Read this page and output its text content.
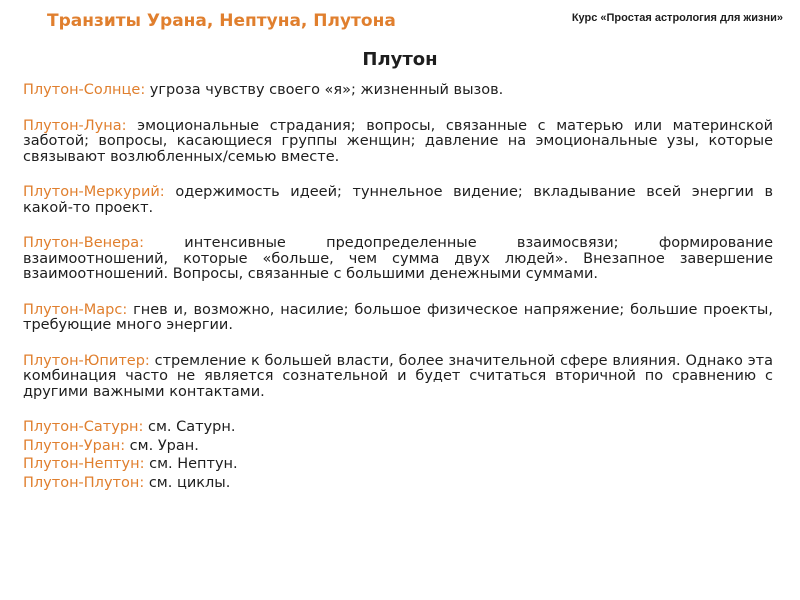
Транзиты Урана, Нептуна, Плутона	Курс «Простая астрология для жизни»
Плутон

Плутон-Солнце: угроза чувству своего «я»; жизненный вызов.

Плутон-Луна: эмоциональные страдания; вопросы, связанные с матерью или материнской заботой; вопросы, касающиеся группы женщин; давление на эмоциональные узы, которые связывают возлюбленных/семью вместе.

Плутон-Меркурий: одержимость идеей; туннельное видение; вкладывание всей энергии в какой-то проект.

Плутон-Венера: интенсивные предопределенные взаимосвязи; формирование взаимоотношений, которые «больше, чем сумма двух людей». Внезапное завершение взаимоотношений. Вопросы, связанные с большими денежными суммами.

Плутон-Марс: гнев и, возможно, насилие; большое физическое напряжение; большие проекты, требующие много энергии.

Плутон-Юпитер: стремление к большей власти, более значительной сфере влияния. Однако эта комбинация часто не является сознательной и будет считаться вторичной по сравнению с другими важными контактами.

Плутон-Сатурн: см. Сатурн.

Плутон-Уран: см. Уран.

Плутон-Нептун: см. Нептун.

Плутон-Плутон: см. циклы.
